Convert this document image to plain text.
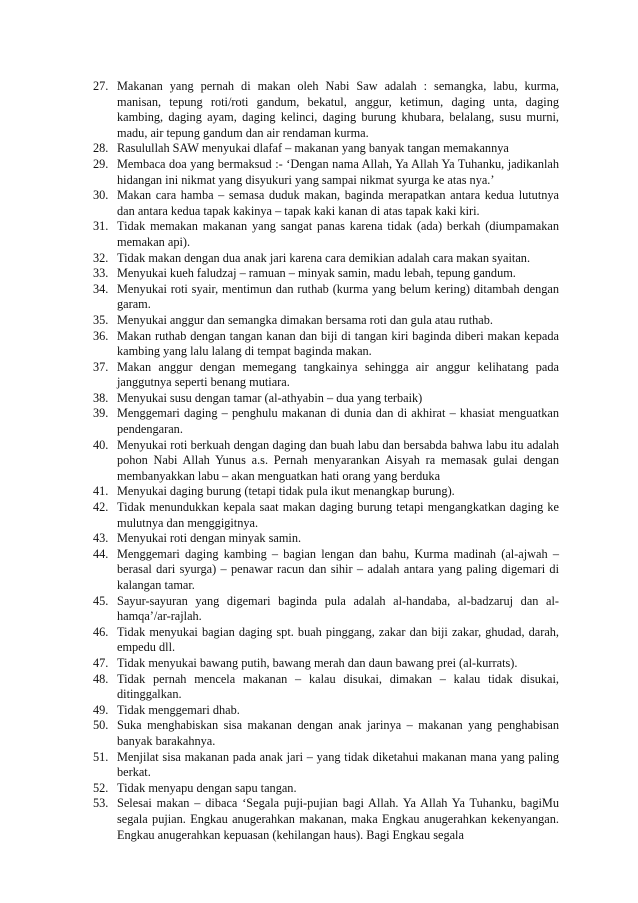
27. Makanan yang pernah di makan oleh Nabi Saw adalah : semangka, labu, kurma, manisan, tepung roti/roti gandum, bekatul, anggur, ketimun, daging unta, daging kambing, daging ayam, daging kelinci, daging burung khubara, belalang, susu murni, madu, air tepung gandum dan air rendaman kurma.
28. Rasulullah SAW menyukai dlafaf – makanan yang banyak tangan memakannya
29. Membaca doa yang bermaksud :- ‘Dengan nama Allah, Ya Allah Ya Tuhanku, jadikanlah hidangan ini nikmat yang disyukuri yang sampai nikmat syurga ke atas nya.’
30. Makan cara hamba – semasa duduk makan, baginda merapatkan antara kedua lututnya dan antara kedua tapak kakinya – tapak kaki kanan di atas tapak kaki kiri.
31. Tidak memakan makanan yang sangat panas karena tidak (ada) berkah (diumpamakan memakan api).
32. Tidak makan dengan dua anak jari karena cara demikian adalah cara makan syaitan.
33. Menyukai kueh faludzaj – ramuan – minyak samin, madu lebah, tepung gandum.
34. Menyukai roti syair, mentimun dan ruthab (kurma yang belum kering) ditambah dengan garam.
35. Menyukai anggur dan semangka dimakan bersama roti dan gula atau ruthab.
36. Makan ruthab dengan tangan kanan dan biji di tangan kiri baginda diberi makan kepada kambing yang lalu lalang di tempat baginda makan.
37. Makan anggur dengan memegang tangkainya sehingga air anggur kelihatang pada janggutnya seperti benang mutiara.
38. Menyukai susu dengan tamar (al-athyabin – dua yang terbaik)
39. Menggemari daging – penghulu makanan di dunia dan di akhirat – khasiat menguatkan pendengaran.
40. Menyukai roti berkuah dengan daging dan buah labu dan bersabda bahwa labu itu adalah pohon Nabi Allah Yunus a.s. Pernah menyarankan Aisyah ra memasak gulai dengan membanyakkan labu – akan menguatkan hati orang yang berduka
41. Menyukai daging burung (tetapi tidak pula ikut menangkap burung).
42. Tidak menundukkan kepala saat makan daging burung tetapi mengangkatkan daging ke mulutnya dan menggigitnya.
43. Menyukai roti dengan minyak samin.
44. Menggemari daging kambing – bagian lengan dan bahu, Kurma madinah (al-ajwah – berasal dari syurga) – penawar racun dan sihir – adalah antara yang paling digemari di kalangan tamar.
45. Sayur-sayuran yang digemari baginda pula adalah al-handaba, al-badzaruj dan al-hamqa’/ar-rajlah.
46. Tidak menyukai bagian daging spt. buah pinggang, zakar dan biji zakar, ghudad, darah, empedu dll.
47. Tidak menyukai bawang putih, bawang merah dan daun bawang prei (al-kurrats).
48. Tidak pernah mencela makanan – kalau disukai, dimakan – kalau tidak disukai, ditinggalkan.
49. Tidak menggemari dhab.
50. Suka menghabiskan sisa makanan dengan anak jarinya – makanan yang penghabisan banyak barakahnya.
51. Menjilat sisa makanan pada anak jari – yang tidak diketahui makanan mana yang paling berkat.
52. Tidak menyapu dengan sapu tangan.
53. Selesai makan – dibaca ‘Segala puji-pujian bagi Allah. Ya Allah Ya Tuhanku, bagiMu segala pujian. Engkau anugerahkan makanan, maka Engkau anugerahkan kekenyangan. Engkau anugerahkan kepuasan (kehilangan haus). Bagi Engkau segala
